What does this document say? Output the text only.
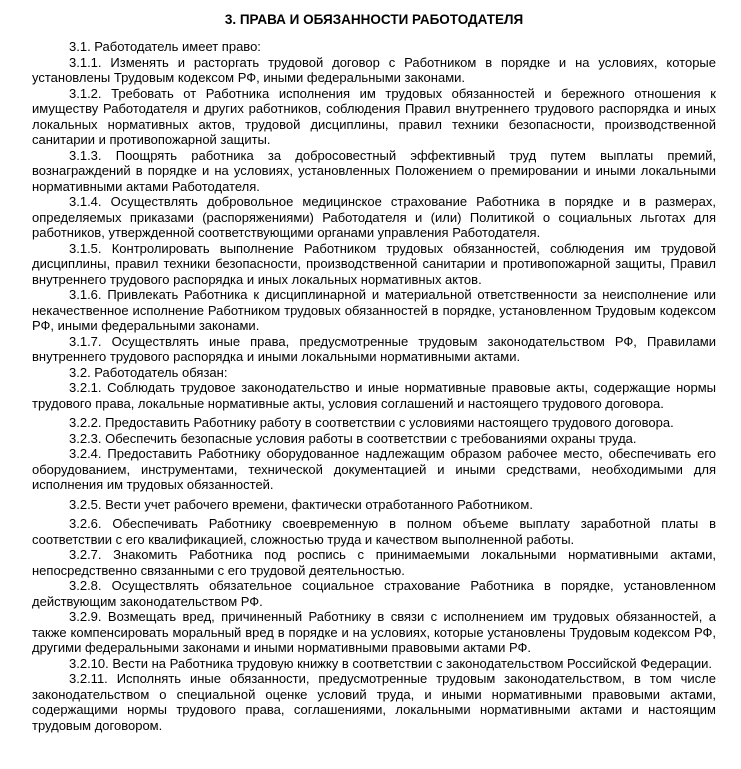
3. ПРАВА И ОБЯЗАННОСТИ РАБОТОДАТЕЛЯ

3.1. Работодатель имеет право:

3.1.1. Изменять и расторгать трудовой договор с Работником в порядке и на условиях, которые установлены Трудовым кодексом РФ, иными федеральными законами.

3.1.2. Требовать от Работника исполнения им трудовых обязанностей и бережного отношения к имуществу Работодателя и других работников, соблюдения Правил внутреннего трудового распорядка и иных локальных нормативных актов, трудовой дисциплины, правил техники безопасности, производственной санитарии и противопожарной защиты.

3.1.3. Поощрять работника за добросовестный эффективный труд путем выплаты премий, вознаграждений в порядке и на условиях, установленных Положением о премировании и иными локальными нормативными актами Работодателя.

3.1.4. Осуществлять добровольное медицинское страхование Работника в порядке и в размерах, определяемых приказами (распоряжениями) Работодателя и (или) Политикой о социальных льготах для работников, утвержденной соответствующими органами управления Работодателя.

3.1.5. Контролировать выполнение Работником трудовых обязанностей, соблюдения им трудовой дисциплины, правил техники безопасности, производственной санитарии и противопожарной защиты, Правил внутреннего трудового распорядка и иных локальных нормативных актов.

3.1.6. Привлекать Работника к дисциплинарной и материальной ответственности за неисполнение или некачественное исполнение Работником трудовых обязанностей в порядке, установленном Трудовым кодексом РФ, иными федеральными законами.

3.1.7. Осуществлять иные права, предусмотренные трудовым законодательством РФ, Правилами внутреннего трудового распорядка и иными локальными нормативными актами.

3.2. Работодатель обязан:

3.2.1. Соблюдать трудовое законодательство и иные нормативные правовые акты, содержащие нормы трудового права, локальные нормативные акты, условия соглашений и настоящего трудового договора.

3.2.2. Предоставить Работнику работу в соответствии с условиями настоящего трудового договора.

3.2.3. Обеспечить безопасные условия работы в соответствии с требованиями охраны труда.

3.2.4. Предоставить Работнику оборудованное надлежащим образом рабочее место, обеспечивать его оборудованием, инструментами, технической документацией и иными средствами, необходимыми для исполнения им трудовых обязанностей.

3.2.5. Вести учет рабочего времени, фактически отработанного Работником.

3.2.6. Обеспечивать Работнику своевременную в полном объеме выплату заработной платы в соответствии с его квалификацией, сложностью труда и качеством выполненной работы.

3.2.7. Знакомить Работника под роспись с принимаемыми локальными нормативными актами, непосредственно связанными с его трудовой деятельностью.

3.2.8. Осуществлять обязательное социальное страхование Работника в порядке, установленном действующим законодательством РФ.

3.2.9. Возмещать вред, причиненный Работнику в связи с исполнением им трудовых обязанностей, а также компенсировать моральный вред в порядке и на условиях, которые установлены Трудовым кодексом РФ, другими федеральными законами и иными нормативными правовыми актами РФ.

3.2.10. Вести на Работника трудовую книжку в соответствии с законодательством Российской Федерации.

3.2.11. Исполнять иные обязанности, предусмотренные трудовым законодательством, в том числе законодательством о специальной оценке условий труда, и иными нормативными правовыми актами, содержащими нормы трудового права, соглашениями, локальными нормативными актами и настоящим трудовым договором.
